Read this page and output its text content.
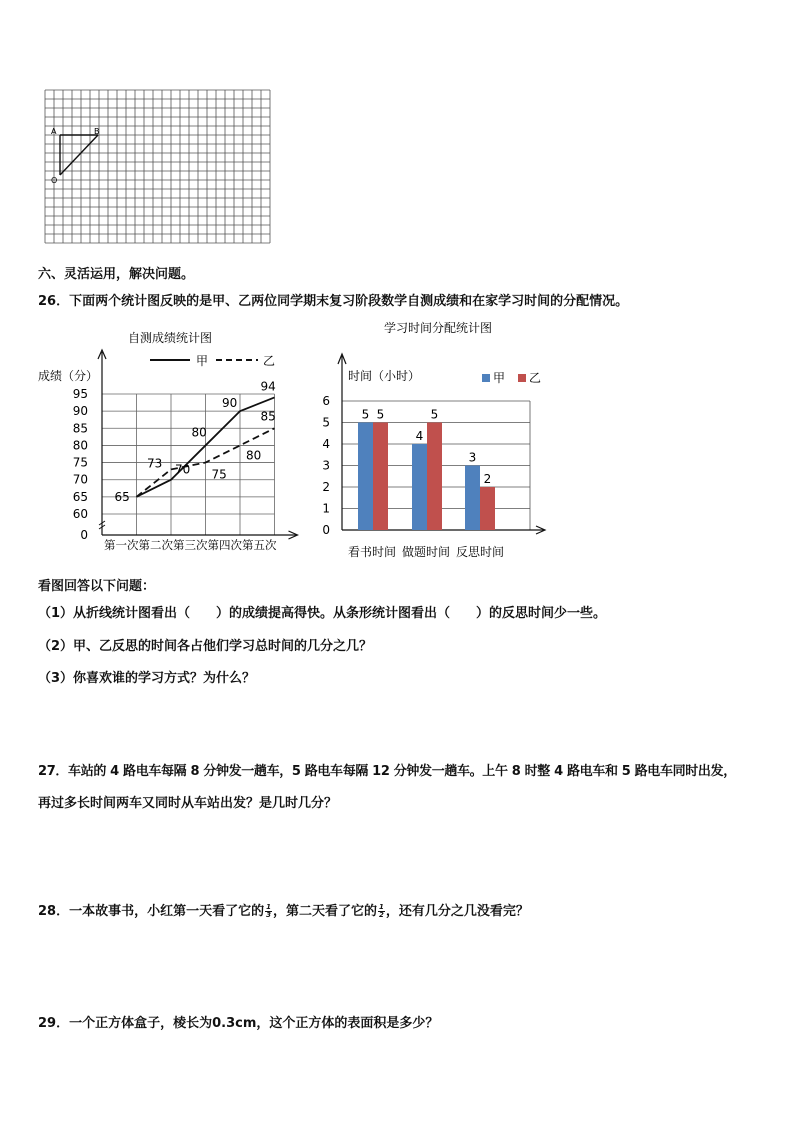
A	B
O
六、灵活运用，解决问题。
26．下面两个统计图反映的是甲、乙两位同学期末复习阶段数学自测成绩和在家学习时间的分配情况。
自测成绩统计图
甲	乙
成绩（分）
0
60
65
70
75
80
85
90
95
第一次 第二次 第三次 第四次 第五次
65
70
80
90
94
73
75
80
85
学习时间分配统计图
时间（小时）	甲 乙
0
1
2
3
4
5
6
5
4
3
5	5
2
看书时间 做题时间 反思时间
看图回答以下问题：
（1）从折线统计图看出（　　）的成绩提高得快。从条形统计图看出（　　）的反思时间少一些。
（2）甲、乙反思的时间各占他们学习总时间的几分之几？
（3）你喜欢谁的学习方式？为什么？
27．车站的 4 路电车每隔 8 分钟发一趟车，5 路电车每隔 12 分钟发一趟车。上午 8 时整 4 路电车和 5 路电车同时出发，
再过多长时间两车又同时从车站出发？是几时几分？
28．一本故事书，小红第一天看了它的 $\frac{1}{3}$ ，第二天看了它的 $\frac{1}{2}$ ，还有几分之几没看完？
29．一个正方体盒子，棱长为0.3cm，这个正方体的表面积是多少？
